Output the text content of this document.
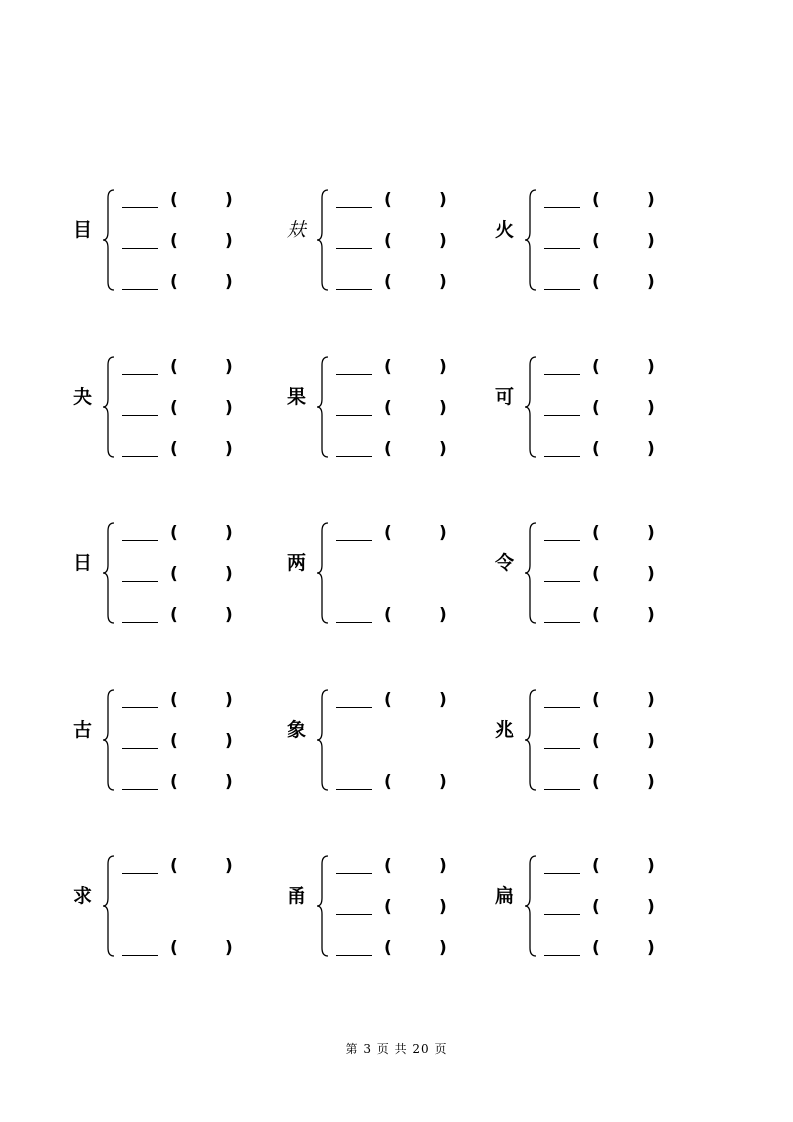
目
(	)
(	)
(	)
㚘
(	)
(	)
(	)
火
(	)
(	)
(	)
夬
(	)
(	)
(	)
果
(	)
(	)
(	)
可
(	)
(	)
(	)
日
(	)
(	)
(	)
两
(	)
(	)
令
(	)
(	)
(	)
古
(	)
(	)
(	)
象
(	)
(	)
兆
(	)
(	)
(	)
求
(	)
(	)
甬
(	)
(	)
(	)
扁
(	)
(	)
(	)
第 3 页 共 20 页
